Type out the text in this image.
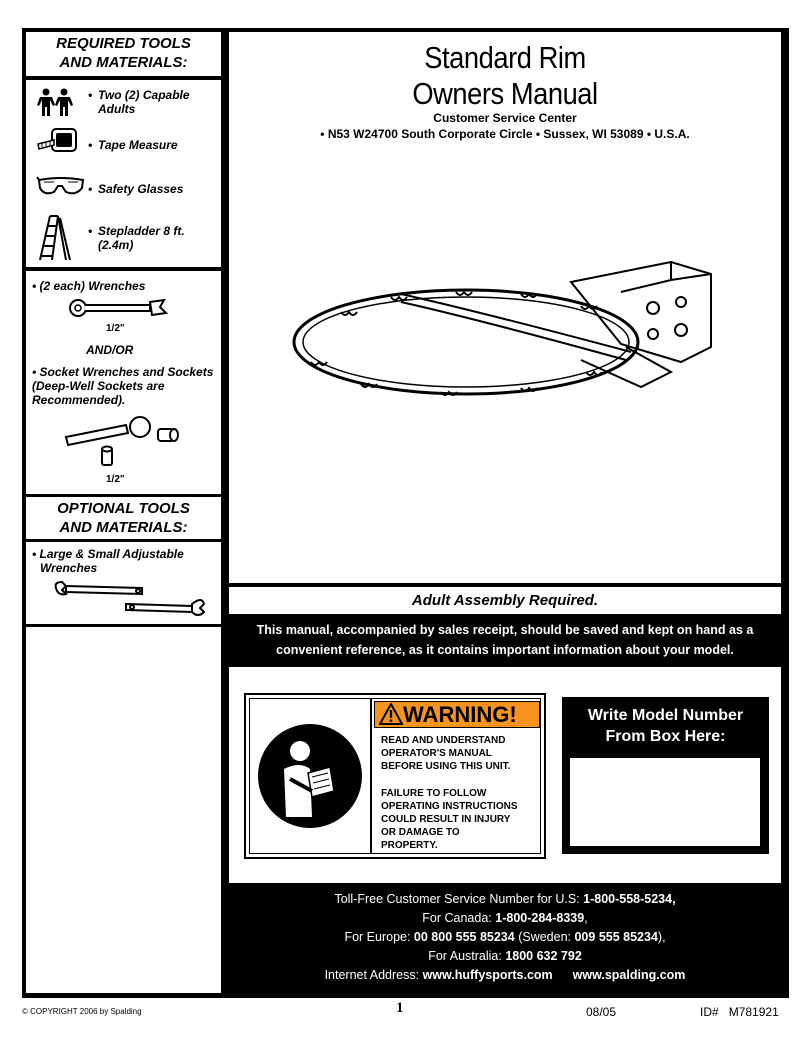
REQUIRED TOOLS
AND MATERIALS:
• Two (2) Capable
Adults
• Tape Measure
• Safety Glasses
• Stepladder 8 ft.
(2.4m)
• (2 each) Wrenches
1/2"
AND/OR
• Socket Wrenches and Sockets
(Deep-Well Sockets are
Recommended).
1/2"
OPTIONAL TOOLS
AND MATERIALS:
• Large & Small Adjustable
Wrenches
Standard Rim
Owners Manual
Customer Service Center
• N53 W24700 South Corporate Circle • Sussex, WI 53089 • U.S.A.
Adult Assembly Required.
This manual, accompanied by sales receipt, should be saved and kept on hand as a
convenient reference, as it contains important information about your model.
WARNING!
READ AND UNDERSTAND
OPERATOR'S MANUAL
BEFORE USING THIS UNIT.
FAILURE TO FOLLOW
OPERATING INSTRUCTIONS
COULD RESULT IN INJURY
OR DAMAGE TO
PROPERTY.
Write Model Number
From Box Here:
Toll-Free Customer Service Number for U.S: 1-800-558-5234,
For Canada: 1-800-284-8339,
For Europe: 00 800 555 85234 (Sweden: 009 555 85234),
For Australia: 1800 632 792
Internet Address: www.huffysports.com www.spalding.com
© COPYRIGHT 2006 by Spalding	1	08/05	ID# M781921
